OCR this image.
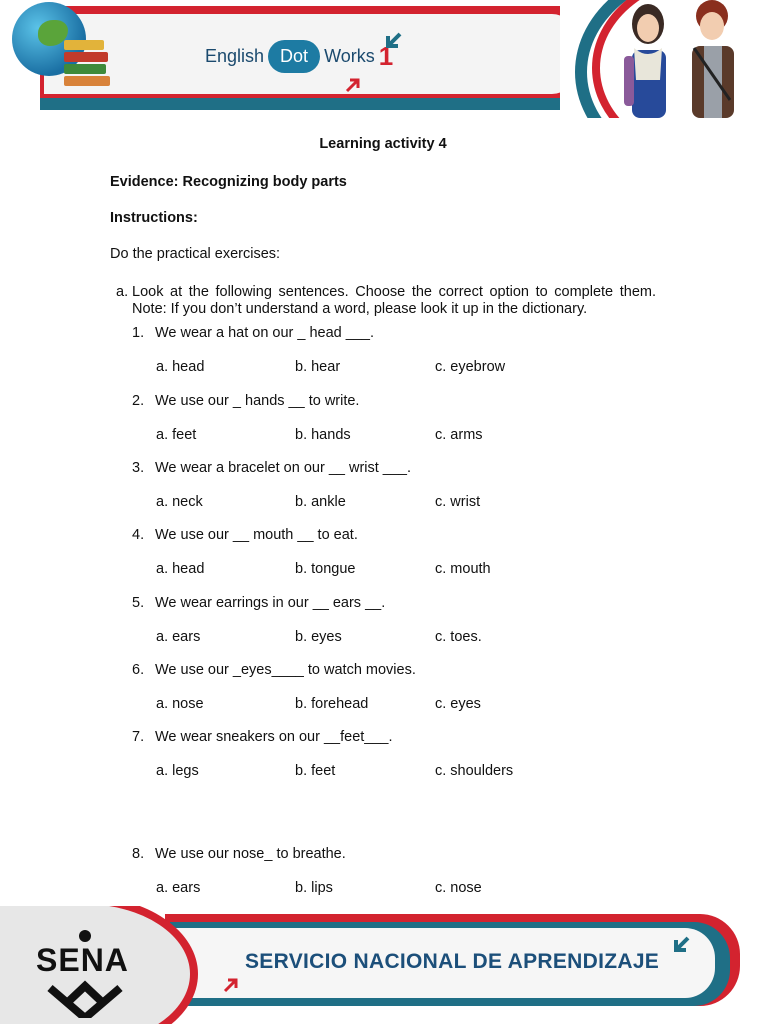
English Dot Works 1
Learning activity 4
Evidence: Recognizing body parts
Instructions:
Do the practical exercises:
a. Look at the following sentences. Choose the correct option to complete them. Note: If you don’t understand a word, please look it up in the dictionary.
1. We wear a hat on our _ head ___.
a. head	b. hear	c. eyebrow
2. We use our _ hands __ to write.
a. feet	b. hands	c. arms
3. We wear a bracelet on our __ wrist ___.
a. neck	b. ankle	c. wrist
4. We use our __ mouth __ to eat.
a. head	b. tongue	c. mouth
5. We wear earrings in our __ ears __.
a. ears	b. eyes	c. toes.
6. We use our _eyes____ to watch movies.
a. nose	b. forehead	c. eyes
7. We wear sneakers on our __feet___.
a. legs	b. feet	c. shoulders
8. We use our nose_ to breathe.
a. ears	b. lips	c. nose
SENA	SERVICIO NACIONAL DE APRENDIZAJE
